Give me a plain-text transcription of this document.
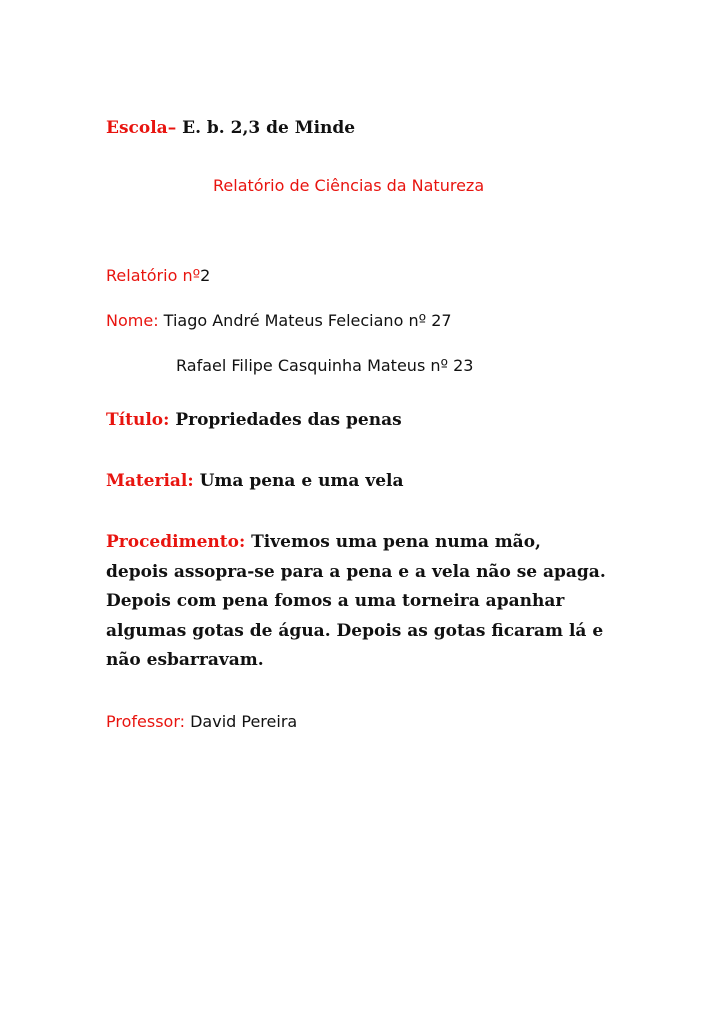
Escola– E. b. 2,3 de Minde
Relatório de Ciências da Natureza
Relatório nº2
Nome: Tiago André Mateus Feleciano nº 27
Rafael Filipe Casquinha Mateus nº 23
Título: Propriedades das penas
Material: Uma pena e uma vela
Procedimento: Tivemos uma pena numa mão, depois assopra-se para a pena e a vela não se apaga. Depois com pena fomos a uma torneira apanhar algumas gotas de água. Depois as gotas ficaram lá e não esbarravam.
Professor: David Pereira
